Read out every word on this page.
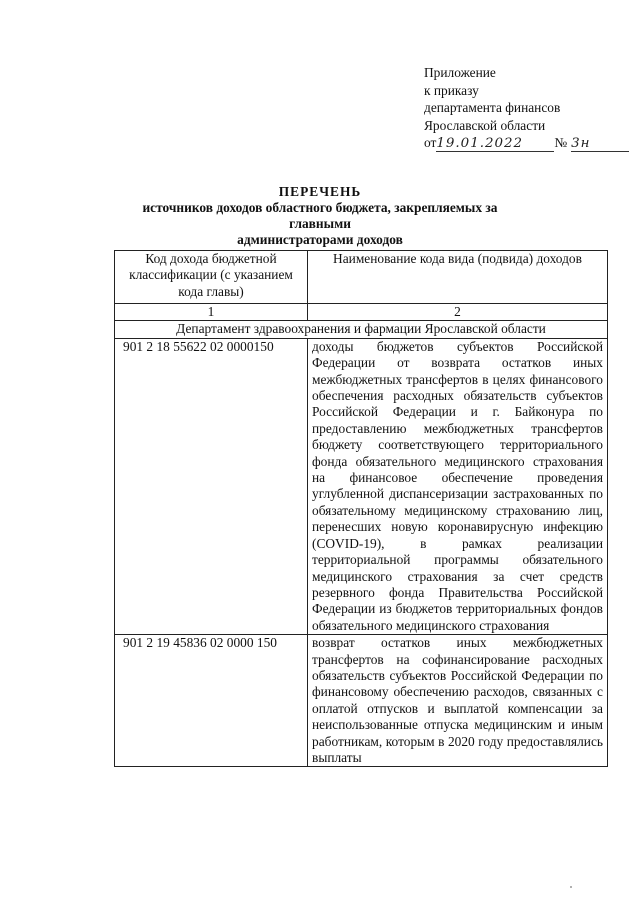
Приложение
к приказу
департамента финансов
Ярославской области
от 19.01.2022	№ 3н
ПЕРЕЧЕНЬ
источников доходов областного бюджета, закрепляемых за главными
администраторами доходов
Код дохода бюджетной классификации (с указанием кода главы)	Наименование кода вида (подвида) доходов
1	2
Департамент здравоохранения и фармации Ярославской области	
901 2 18 55622 02 0000150	доходы бюджетов субъектов Российской Федерации от возврата остатков иных межбюджетных трансфертов в целях финансового обеспечения расходных обязательств субъектов Российской Федерации и г. Байконура по предоставлению межбюджетных трансфертов бюджету соответствующего территориального фонда обязательного медицинского страхования на финансовое обеспечение проведения углубленной диспансеризации застрахованных по обязательному медицинскому страхованию лиц, перенесших новую коронавирусную инфекцию (COVID-19), в рамках реализации территориальной программы обязательного медицинского страхования за счет средств резервного фонда Правительства Российской Федерации из бюджетов территориальных фондов обязательного медицинского страхования
901 2 19 45836 02 0000 150	возврат остатков иных межбюджетных трансфертов на софинансирование расходных обязательств субъектов Российской Федерации по финансовому обеспечению расходов, связанных с оплатой отпусков и выплатой компенсации за неиспользованные отпуска медицинским и иным работникам, которым в 2020 году предоставлялись выплаты
